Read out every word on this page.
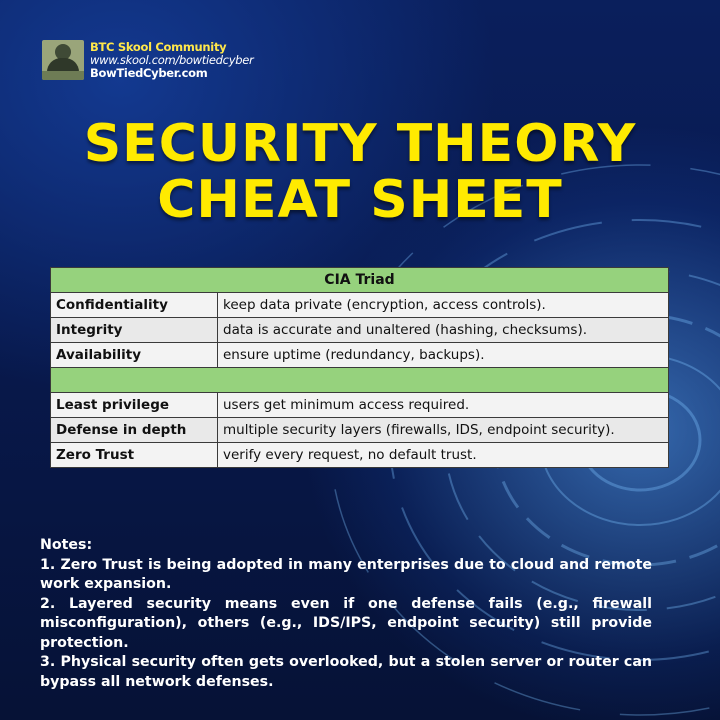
BTC Skool Community
www.skool.com/bowtiedcyber
BowTiedCyber.com
SECURITY THEORY
CHEAT SHEET
CIA Triad	
Confidentiality	keep data private (encryption, access controls).
Integrity	data is accurate and unaltered (hashing, checksums).
Availability	ensure uptime (redundancy, backups).

Least privilege	users get minimum access required.
Defense in depth	multiple security layers (firewalls, IDS, endpoint security).
Zero Trust	verify every request, no default trust.

Notes:

1. Zero Trust is being adopted in many enterprises due to cloud and remote work expansion.

2. Layered security means even if one defense fails (e.g., firewall misconfiguration), others (e.g., IDS/IPS, endpoint security) still provide protection.

3. Physical security often gets overlooked, but a stolen server or router can bypass all network defenses.
